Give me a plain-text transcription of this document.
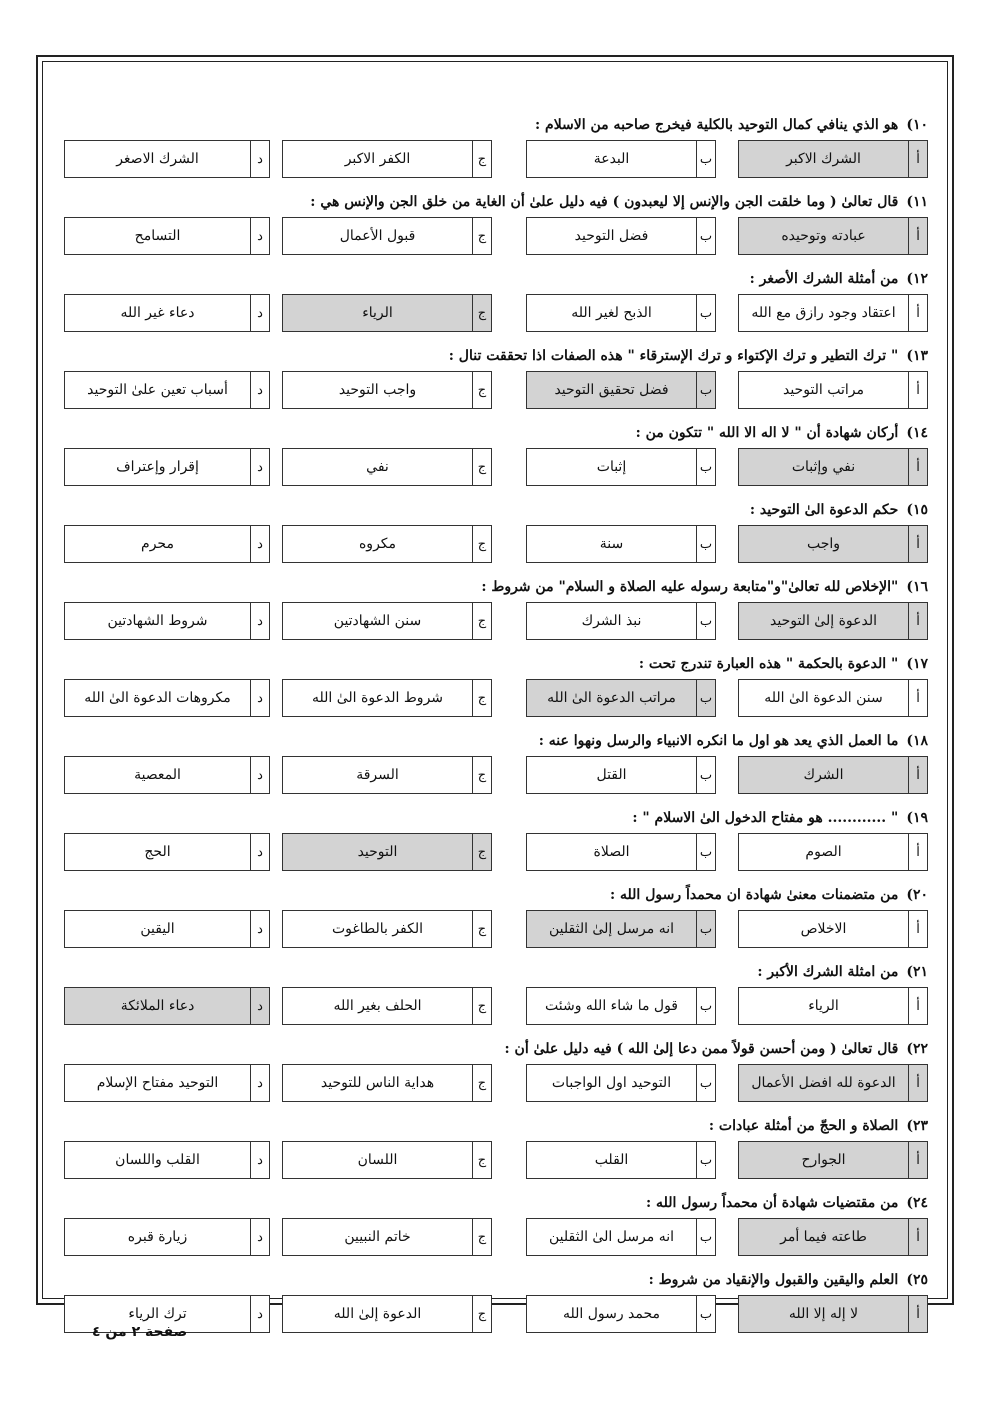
١٠)هو الذي ينافي كمال التوحيد بالكلية فيخرج صاحبه من الاسلام :
أ
الشرك الاكبر
ب
البدعة
ج
الكفر الاكبر
د
الشرك الاصغر
١١)قال تعالىٰ ( وما خلقت الجن والإنس إلا ليعبدون ) فيه دليل علىٰ أن الغاية من خلق الجن والإنس هي :
أ
عبادته وتوحيده
ب
فضل التوحيد
ج
قبول الأعمال
د
التسامح
١٢)من أمثلة الشرك الأصغر :
أ
اعتقاد وجود رازق مع الله
ب
الذبح لغير الله
ج
الرياء
د
دعاء غير الله
١٣)" ترك التطير و ترك الإكتواء و ترك الإسترقاء " هذه الصفات اذا تحققت تنال :
أ
مراتب التوحيد
ب
فضل تحقيق التوحيد
ج
واجب التوحيد
د
أسباب تعين علىٰ التوحيد
١٤)أركان شهادة أن " لا اله الا الله " تتكون من :
أ
نفي وإثبات
ب
إثبات
ج
نفي
د
إقرار وإعتراف
١٥)حكم الدعوة الىٰ التوحيد :
أ
واجب
ب
سنة
ج
مكروه
د
محرم
١٦)"الإخلاص لله تعالىٰ"و"متابعة رسوله عليه الصلاة و السلام" من شروط :
أ
الدعوة إلىٰ التوحيد
ب
نبذ الشرك
ج
سنن الشهادتين
د
شروط الشهادتين
١٧)" الدعوة بالحكمة " هذه العبارة تندرج تحت :
أ
سنن الدعوة الىٰ الله
ب
مراتب الدعوة الىٰ الله
ج
شروط الدعوة الىٰ الله
د
مكروهات الدعوة الىٰ الله
١٨)ما العمل الذي يعد هو اول ما انكره الانبياء والرسل ونهوا عنه :
أ
الشرك
ب
القتل
ج
السرقة
د
المعصية
١٩)" ............ هو مفتاح الدخول الىٰ الاسلام " :
أ
الصوم
ب
الصلاة
ج
التوحيد
د
الحج
٢٠)من متضمنات معنىٰ شهادة ان محمداً رسول الله :
أ
الاخلاص
ب
انه مرسل إلىٰ الثقلين
ج
الكفر بالطاغوت
د
اليقين
٢١)من امثلة الشرك الأكبر :
أ
الرياء
ب
قول ما شاء الله وشئت
ج
الحلف بغير الله
د
دعاء الملائكة
٢٢)قال تعالىٰ ( ومن أحسن قولاً ممن دعا إلىٰ الله ) فيه دليل علىٰ أن :
أ
الدعوة لله افضل الأعمال
ب
التوحيد اول الواجبات
ج
هداية الناس للتوحيد
د
التوحيد مفتاح الإسلام
٢٣)الصلاة و الحجّ من أمثلة عبادات :
أ
الجوارح
ب
القلب
ج
اللسان
د
القلب واللسان
٢٤)من مقتضيات شهادة أن محمداً رسول الله :
أ
طاعته فيما أمر
ب
انه مرسل الىٰ الثقلين
ج
خاتم النبيين
د
زيارة قبره
٢٥)العلم واليقين والقبول والإنقياد من شروط :
أ
لا إله إلا الله
ب
محمد رسول الله
ج
الدعوة إلىٰ الله
د
ترك الرياء
صفحة ٢ من ٤
